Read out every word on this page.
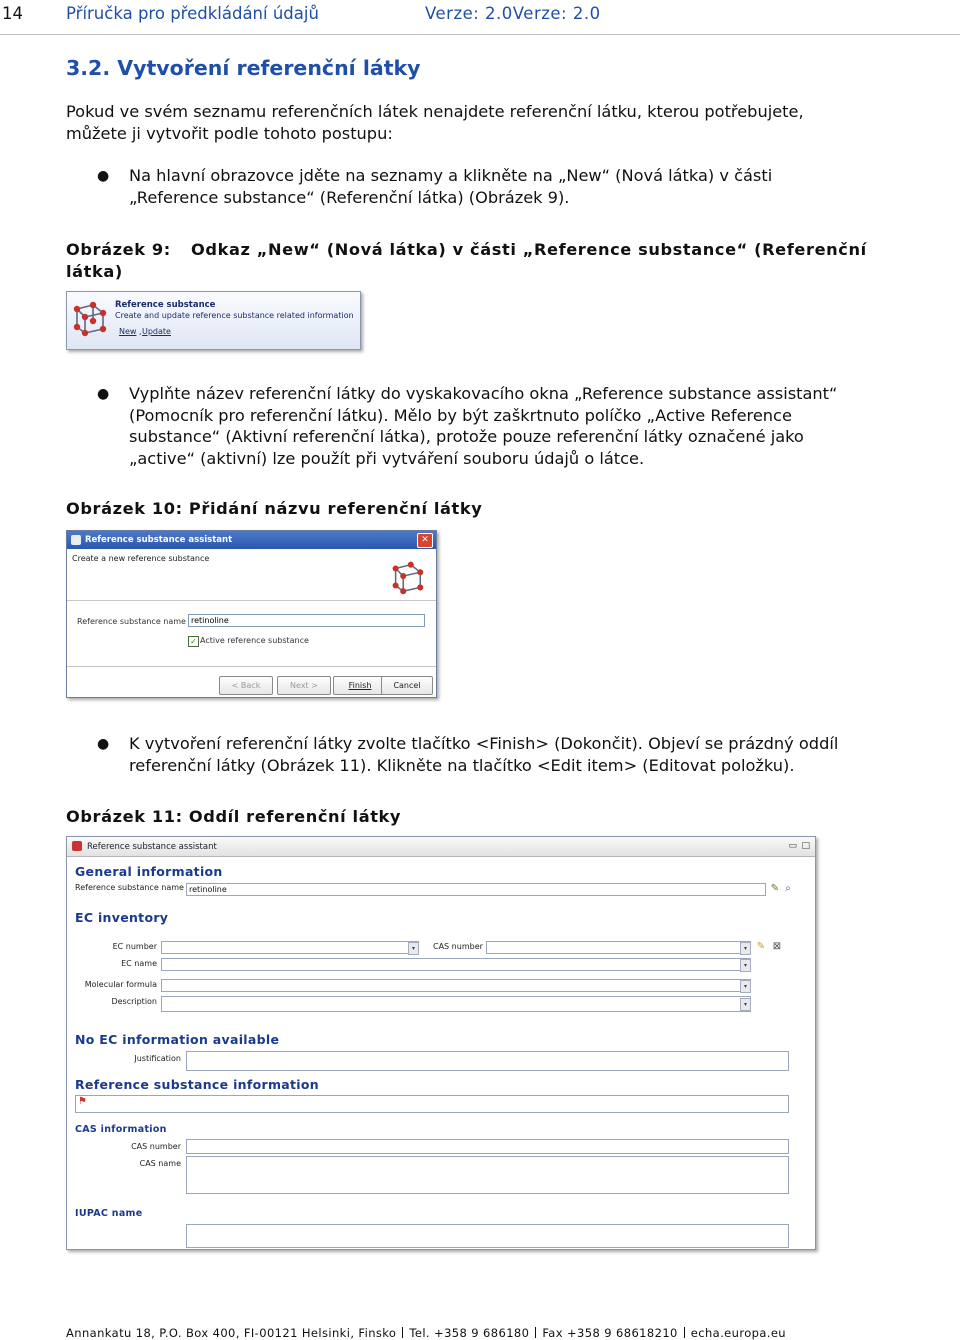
14	Příručka pro předkládání údajů	Verze: 2.0Verze: 2.0
3.2. Vytvoření referenční látky
Pokud ve svém seznamu referenčních látek nenajdete referenční látku, kterou potřebujete,
můžete ji vytvořit podle tohoto postupu:
● Na hlavní obrazovce jděte na seznamy a klikněte na „New“ (Nová látka) v části
„Reference substance“ (Referenční látka) (Obrázek 9).
Obrázek 9: Odkaz „New“ (Nová látka) v části „Reference substance“ (Referenční
látka)
Reference substance
Create and update reference substance related information
New , Update
● Vyplňte název referenční látky do vyskakovacího okna „Reference substance assistant“
(Pomocník pro referenční látku). Mělo by být zaškrtnuto políčko „Active Reference
substance“ (Aktivní referenční látka), protože pouze referenční látky označené jako
„active“ (aktivní) lze použít při vytváření souboru údajů o látce.
Obrázek 10: Přidání názvu referenční látky
Reference substance assistant	✕
Create a new reference substance
Reference substance name retinoline
✓ Active reference substance
< Back	Next >	Finish	Cancel
● K vytvoření referenční látky zvolte tlačítko <Finish> (Dokončit). Objeví se prázdný oddíl
referenční látky (Obrázek 11). Klikněte na tlačítko <Edit item> (Editovat položku).
Obrázek 11: Oddíl referenční látky
Reference substance assistant	▭ □
General information
Reference substance name retinoline	✎ ⌕
EC inventory
EC number	▾	CAS number	▾ ✎ ⊠
EC name	▾
Molecular formula	▾
Description	▾
No EC information available
Justification
Reference substance information
⚑
CAS information
CAS number
CAS name
IUPAC name
Annankatu 18, P.O. Box 400, FI-00121 Helsinki, Finsko Tel. +358 9 686180 Fax +358 9 68618210 echa.europa.eu
